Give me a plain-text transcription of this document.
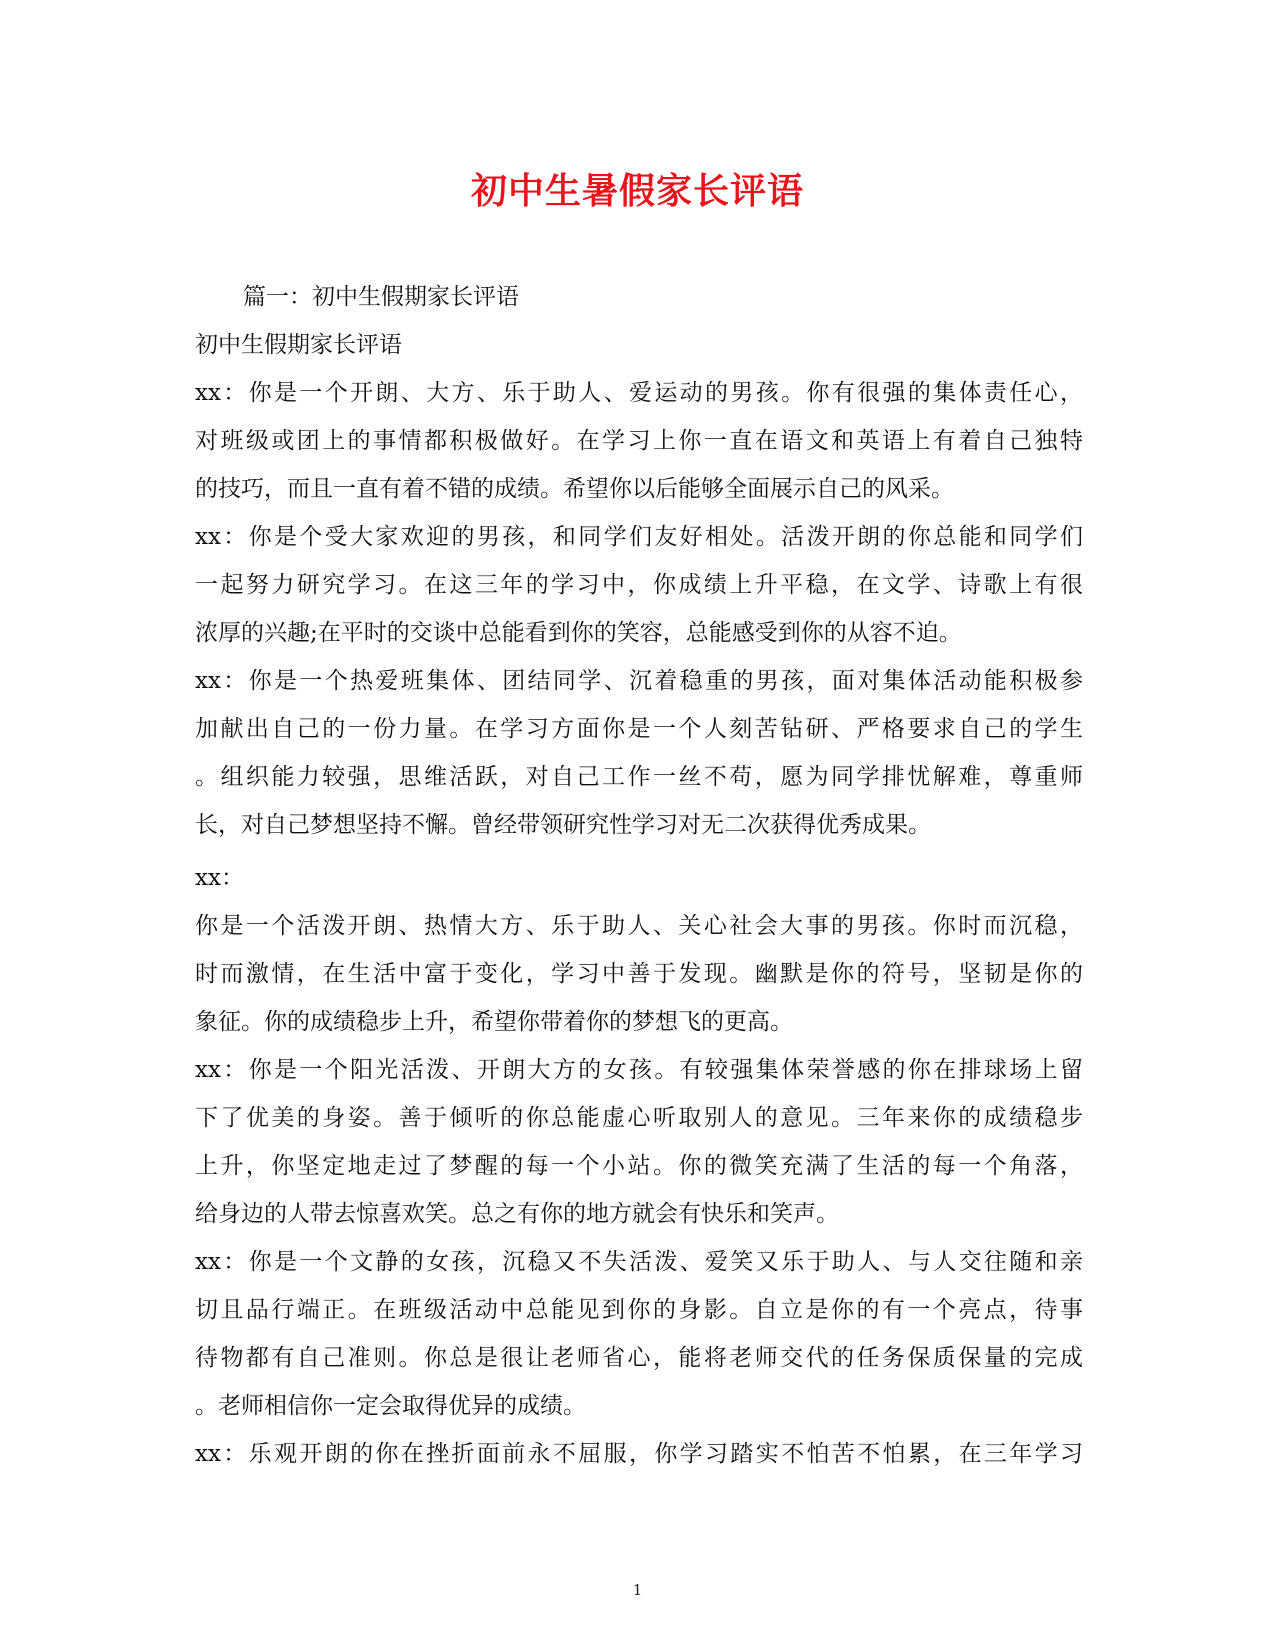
初中生暑假家长评语
篇一：初中生假期家长评语
初中生假期家长评语
xx：你是一个开朗、大方、乐于助人、爱运动的男孩。你有很强的集体责任心，
对班级或团上的事情都积极做好。在学习上你一直在语文和英语上有着自己独特
的技巧，而且一直有着不错的成绩。希望你以后能够全面展示自己的风采。
xx：你是个受大家欢迎的男孩，和同学们友好相处。活泼开朗的你总能和同学们
一起努力研究学习。在这三年的学习中，你成绩上升平稳，在文学、诗歌上有很
浓厚的兴趣;在平时的交谈中总能看到你的笑容，总能感受到你的从容不迫。
xx：你是一个热爱班集体、团结同学、沉着稳重的男孩，面对集体活动能积极参
加献出自己的一份力量。在学习方面你是一个人刻苦钻研、严格要求自己的学生
。组织能力较强，思维活跃，对自己工作一丝不苟，愿为同学排忧解难，尊重师
长，对自己梦想坚持不懈。曾经带领研究性学习对无二次获得优秀成果。
xx：
你是一个活泼开朗、热情大方、乐于助人、关心社会大事的男孩。你时而沉稳，
时而激情，在生活中富于变化，学习中善于发现。幽默是你的符号，坚韧是你的
象征。你的成绩稳步上升，希望你带着你的梦想飞的更高。
xx：你是一个阳光活泼、开朗大方的女孩。有较强集体荣誉感的你在排球场上留
下了优美的身姿。善于倾听的你总能虚心听取别人的意见。三年来你的成绩稳步
上升，你坚定地走过了梦醒的每一个小站。你的微笑充满了生活的每一个角落，
给身边的人带去惊喜欢笑。总之有你的地方就会有快乐和笑声。
xx：你是一个文静的女孩，沉稳又不失活泼、爱笑又乐于助人、与人交往随和亲
切且品行端正。在班级活动中总能见到你的身影。自立是你的有一个亮点，待事
待物都有自己准则。你总是很让老师省心，能将老师交代的任务保质保量的完成
。老师相信你一定会取得优异的成绩。
xx：乐观开朗的你在挫折面前永不屈服，你学习踏实不怕苦不怕累，在三年学习
1
